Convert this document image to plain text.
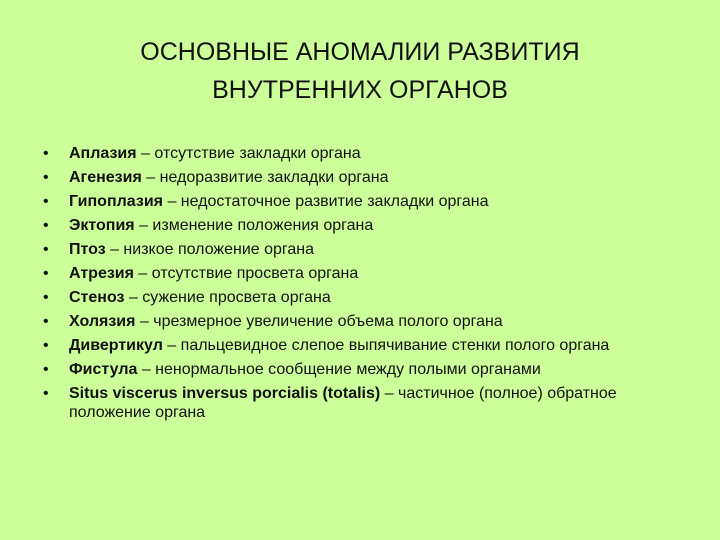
ОСНОВНЫЕ АНОМАЛИИ РАЗВИТИЯ
ВНУТРЕННИХ ОРГАНОВ
• Аплазия – отсутствие закладки органа
• Агенезия – недоразвитие закладки органа
• Гипоплазия – недостаточное развитие закладки органа
• Эктопия – изменение положения органа
• Птоз – низкое положение органа
• Атрезия – отсутствие просвета органа
• Стеноз – сужение просвета органа
• Холязия – чрезмерное увеличение объема полого органа
• Дивертикул – пальцевидное слепое выпячивание стенки полого органа
• Фистула – ненормальное сообщение между полыми органами
• Situs viscerus inversus porcialis (totalis) – частичное (полное) обратное положение органа
